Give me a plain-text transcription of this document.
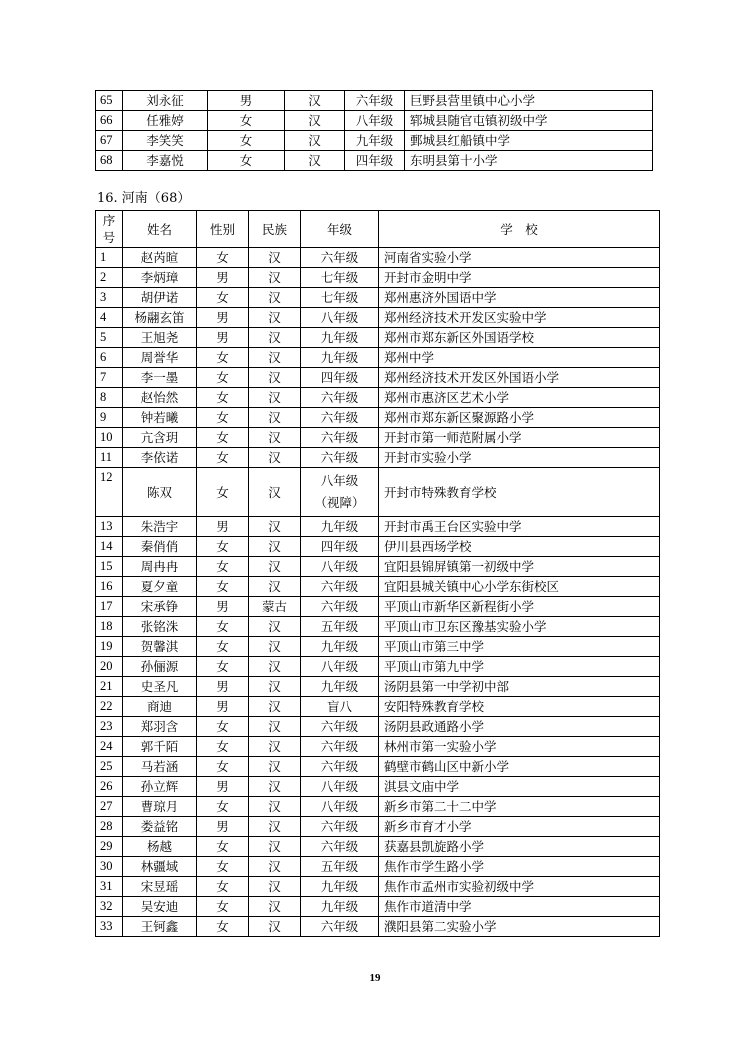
65	刘永征	男	汉	六年级	巨野县营里镇中心小学
66	任雅婷	女	汉	八年级	郓城县随官屯镇初级中学
67	李笑笑	女	汉	九年级	鄄城县红船镇中学
68	李嘉悦	女	汉	四年级	东明县第十小学
16. 河南（68）
序号	姓名	性别	民族	年级	学　校
1	赵芮暄	女	汉	六年级	河南省实验小学
2	李炳璋	男	汉	七年级	开封市金明中学
3	胡伊诺	女	汉	七年级	郑州惠济外国语中学
4	杨翮玄笛	男	汉	八年级	郑州经济技术开发区实验中学
5	王旭尧	男	汉	九年级	郑州市郑东新区外国语学校
6	周誉华	女	汉	九年级	郑州中学
7	李一墨	女	汉	四年级	郑州经济技术开发区外国语小学
8	赵怡然	女	汉	六年级	郑州市惠济区艺术小学
9	钟若曦	女	汉	六年级	郑州市郑东新区聚源路小学
10	亢含玥	女	汉	六年级	开封市第一师范附属小学
11	李依诺	女	汉	六年级	开封市实验小学
12	陈双	女	汉	八年级（视障）	开封市特殊教育学校
13	朱浩宇	男	汉	九年级	开封市禹王台区实验中学
14	秦俏俏	女	汉	四年级	伊川县西场学校
15	周冉冉	女	汉	八年级	宜阳县锦屏镇第一初级中学
16	夏夕童	女	汉	六年级	宜阳县城关镇中心小学东街校区
17	宋承铮	男	蒙古	六年级	平顶山市新华区新程街小学
18	张铭洙	女	汉	五年级	平顶山市卫东区豫基实验小学
19	贺馨淇	女	汉	九年级	平顶山市第三中学
20	孙俪源	女	汉	八年级	平顶山市第九中学
21	史圣凡	男	汉	九年级	汤阴县第一中学初中部
22	商迪	男	汉	盲八	安阳特殊教育学校
23	郑羽含	女	汉	六年级	汤阴县政通路小学
24	郭千陌	女	汉	六年级	林州市第一实验小学
25	马若涵	女	汉	六年级	鹤壁市鹤山区中新小学
26	孙立辉	男	汉	八年级	淇县文庙中学
27	曹琼月	女	汉	八年级	新乡市第二十二中学
28	娄益铭	男	汉	六年级	新乡市育才小学
29	杨越	女	汉	六年级	获嘉县凯旋路小学
30	林疆域	女	汉	五年级	焦作市学生路小学
31	宋昱瑶	女	汉	九年级	焦作市孟州市实验初级中学
32	吴安迪	女	汉	九年级	焦作市道清中学
33	王钶鑫	女	汉	六年级	濮阳县第二实验小学
19
